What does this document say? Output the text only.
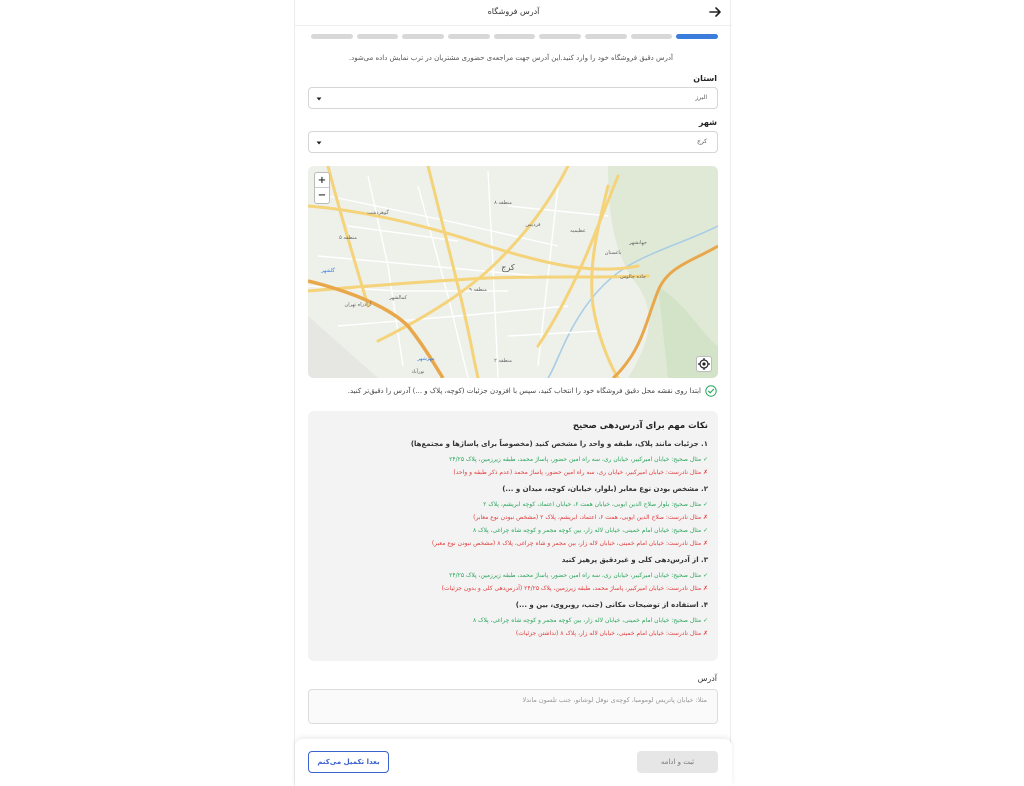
آدرس فروشگاه
آدرس دقیق فروشگاه خود را وارد کنید.این آدرس جهت مراجعه‌ی حضوری مشتریان در ترب نمایش داده می‌شود.
استان
البرز
شهر
کرج
کرج
منطقه ۸
منطقه ۵
منطقه ۹
منطقه ۲
گلشهر
مهرشهر
گوهردشت
فردیس
عظیمیه
باغستان
جهانشهر
جاده چالوس
آزادراه تهران
نورآباد
کمالشهر
+
−
ابتدا روی نقشه محل دقیق فروشگاه خود را انتخاب کنید، سپس با افزودن جزئیات (کوچه، پلاک و ...) آدرس را دقیق‌تر کنید.
نکات مهم برای آدرس‌دهی صحیح
۱. جزئیات مانند پلاک، طبقه و واحد را مشخص کنید (مخصوصاً برای پاساژها و مجتمع‌ها)
✓ مثال صحیح: خیابان امیرکبیر، خیابان ری، سه راه امین حضور، پاساژ محمد، طبقه زیرزمین، پلاک ۲۴/۲۵
✗ مثال نادرست: خیابان امیرکبیر، خیابان ری، سه راه امین حضور، پاساژ محمد (عدم ذکر طبقه و واحد)
۲. مشخص بودن نوع معابر (بلوار، خیابان، کوچه، میدان و ...)
✓ مثال صحیح: بلوار صلاح الدین ایوبی، خیابان همت ۶، خیابان اعتماد، کوچه ابریشم، پلاک ۲
✗ مثال نادرست: صلاح الدین ایوبی، همت ۶، اعتماد، ابریشم، پلاک ۲ (مشخص نبودن نوع معابر)
✓ مثال صحیح: خیابان امام خمینی، خیابان لاله زار، بین کوچه مجمر و کوچه شاه چراغی، پلاک ۸
✗ مثال نادرست: خیابان امام خمینی، خیابان لاله زار، بین مجمر و شاه چراغی، پلاک ۸ (مشخص نبودن نوع معبر)
۳. از آدرس‌دهی کلی و غیردقیق پرهیز کنید
✓ مثال صحیح: خیابان امیرکبیر، خیابان ری، سه راه امین حضور، پاساژ محمد، طبقه زیرزمین، پلاک ۲۴/۲۵
✗ مثال نادرست: خیابان امیرکبیر، پاساژ محمد، طبقه زیرزمین، پلاک ۲۴/۲۵ (آدرس‌دهی کلی و بدون جزئیات)
۴. استفاده از توضیحات مکانی (جنب، روبروی، بین و ...)
✓ مثال صحیح: خیابان امام خمینی، خیابان لاله زار، بین کوچه مجمر و کوچه شاه چراغی، پلاک ۸
✗ مثال نادرست: خیابان امام خمینی، خیابان لاله زار، پلاک ۸ (نداشتن جزئیات)
آدرس
مثلا: خیابان پاتریس لومومبا، کوچه‌ی نوفل لوشاتو، جنب تلسون ماندلا
بعدا تکمیل می‌کنم	ثبت و ادامه
